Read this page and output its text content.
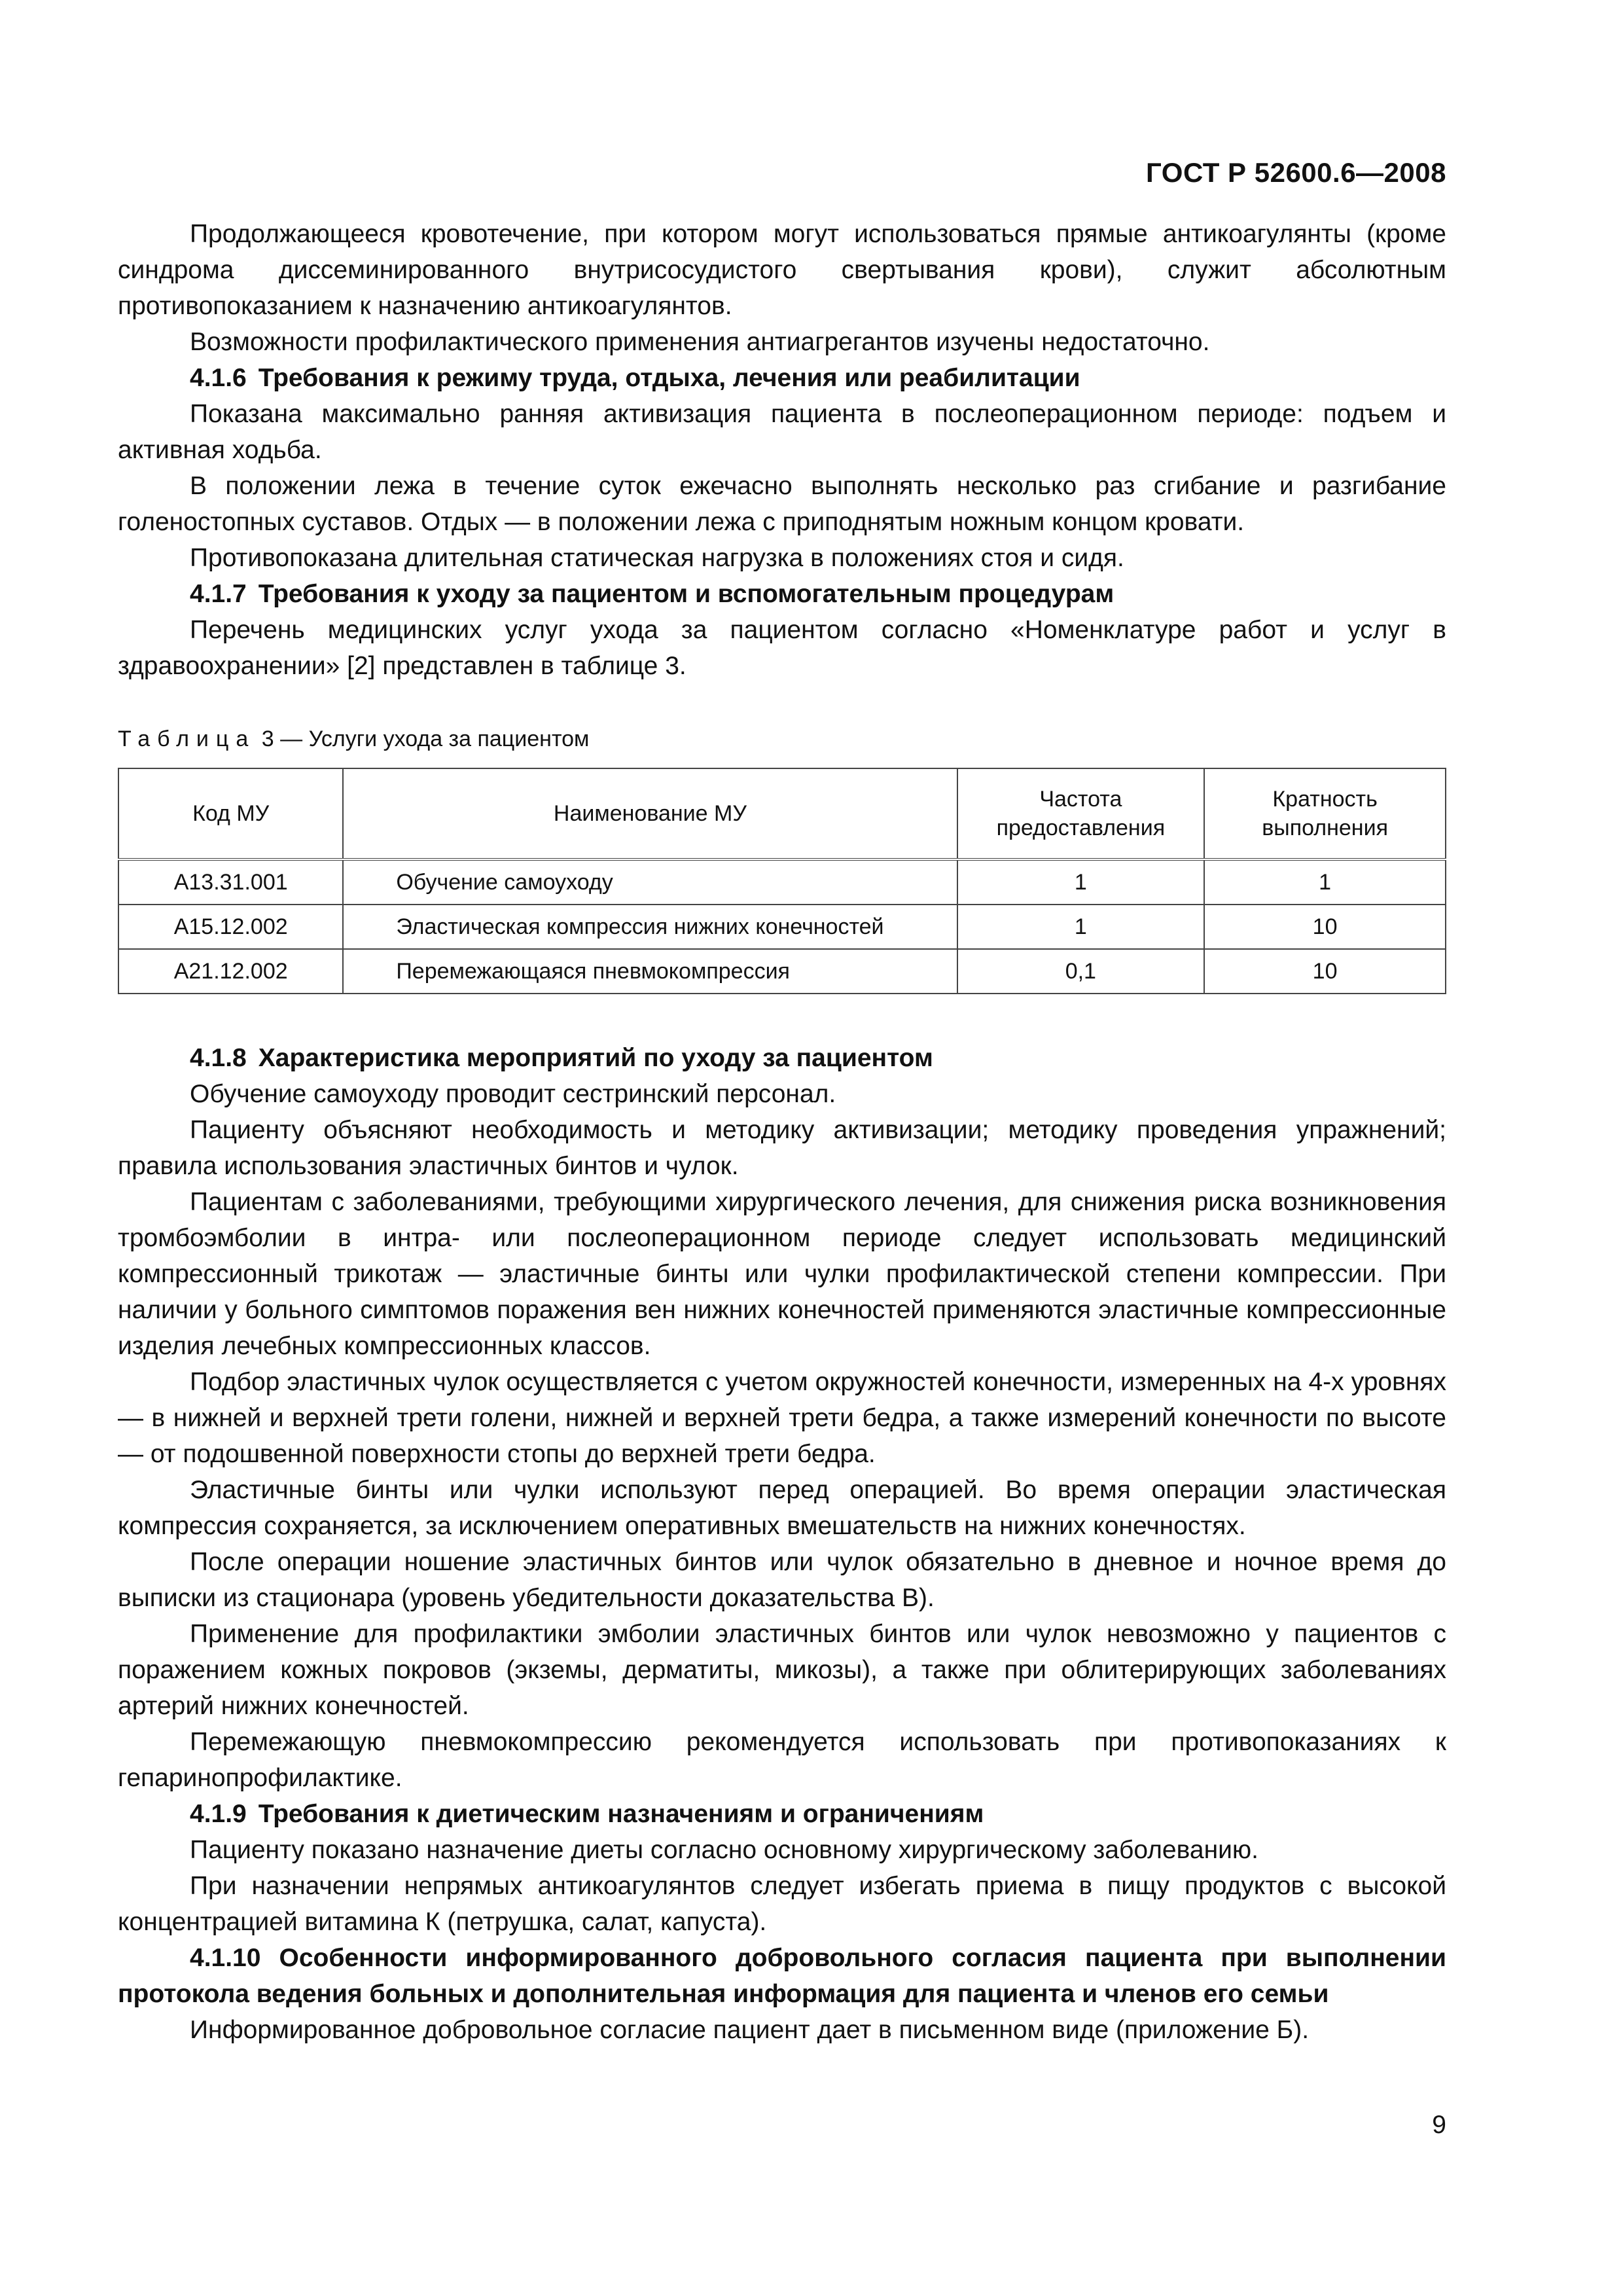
ГОСТ Р 52600.6—2008

Продолжающееся кровотечение, при котором могут использоваться прямые антикоагулянты (кроме синдрома диссеминированного внутрисосудистого свертывания крови), служит абсолютным противопоказанием к назначению антикоагулянтов.

Возможности профилактического применения антиагрегантов изучены недостаточно.

4.1.6 Требования к режиму труда, отдыха, лечения или реабилитации

Показана максимально ранняя активизация пациента в послеоперационном периоде: подъем и активная ходьба.

В положении лежа в течение суток ежечасно выполнять несколько раз сгибание и разгибание голеностопных суставов. Отдых — в положении лежа с приподнятым ножным концом кровати.

Противопоказана длительная статическая нагрузка в положениях стоя и сидя.

4.1.7 Требования к уходу за пациентом и вспомогательным процедурам

Перечень медицинских услуг ухода за пациентом согласно «Номенклатуре работ и услуг в здравоохранении» [2] представлен в таблице 3.

Таблица 3 — Услуги ухода за пациентом
Код МУ	Наименование МУ	Частота предоставления	Кратность выполнения
А13.31.001	Обучение самоуходу	1	1
А15.12.002	Эластическая компрессия нижних конечностей	1	10
А21.12.002	Перемежающаяся пневмокомпрессия	0,1	10

4.1.8 Характеристика мероприятий по уходу за пациентом

Обучение самоуходу проводит сестринский персонал.

Пациенту объясняют необходимость и методику активизации; методику проведения упражнений; правила использования эластичных бинтов и чулок.

Пациентам с заболеваниями, требующими хирургического лечения, для снижения риска возникновения тромбоэмболии в интра- или послеоперационном периоде следует использовать медицинский компрессионный трикотаж — эластичные бинты или чулки профилактической степени компрессии. При наличии у больного симптомов поражения вен нижних конечностей применяются эластичные компрессионные изделия лечебных компрессионных классов.

Подбор эластичных чулок осуществляется с учетом окружностей конечности, измеренных на 4-х уровнях — в нижней и верхней трети голени, нижней и верхней трети бедра, а также измерений конечности по высоте — от подошвенной поверхности стопы до верхней трети бедра.

Эластичные бинты или чулки используют перед операцией. Во время операции эластическая компрессия сохраняется, за исключением оперативных вмешательств на нижних конечностях.

После операции ношение эластичных бинтов или чулок обязательно в дневное и ночное время до выписки из стационара (уровень убедительности доказательства В).

Применение для профилактики эмболии эластичных бинтов или чулок невозможно у пациентов с поражением кожных покровов (экземы, дерматиты, микозы), а также при облитерирующих заболеваниях артерий нижних конечностей.

Перемежающую пневмокомпрессию рекомендуется использовать при противопоказаниях к гепаринопрофилактике.

4.1.9 Требования к диетическим назначениям и ограничениям

Пациенту показано назначение диеты согласно основному хирургическому заболеванию.

При назначении непрямых антикоагулянтов следует избегать приема в пищу продуктов с высокой концентрацией витамина К (петрушка, салат, капуста).

4.1.10 Особенности информированного добровольного согласия пациента при выполнении протокола ведения больных и дополнительная информация для пациента и членов его семьи

Информированное добровольное согласие пациент дает в письменном виде (приложение Б).

9
